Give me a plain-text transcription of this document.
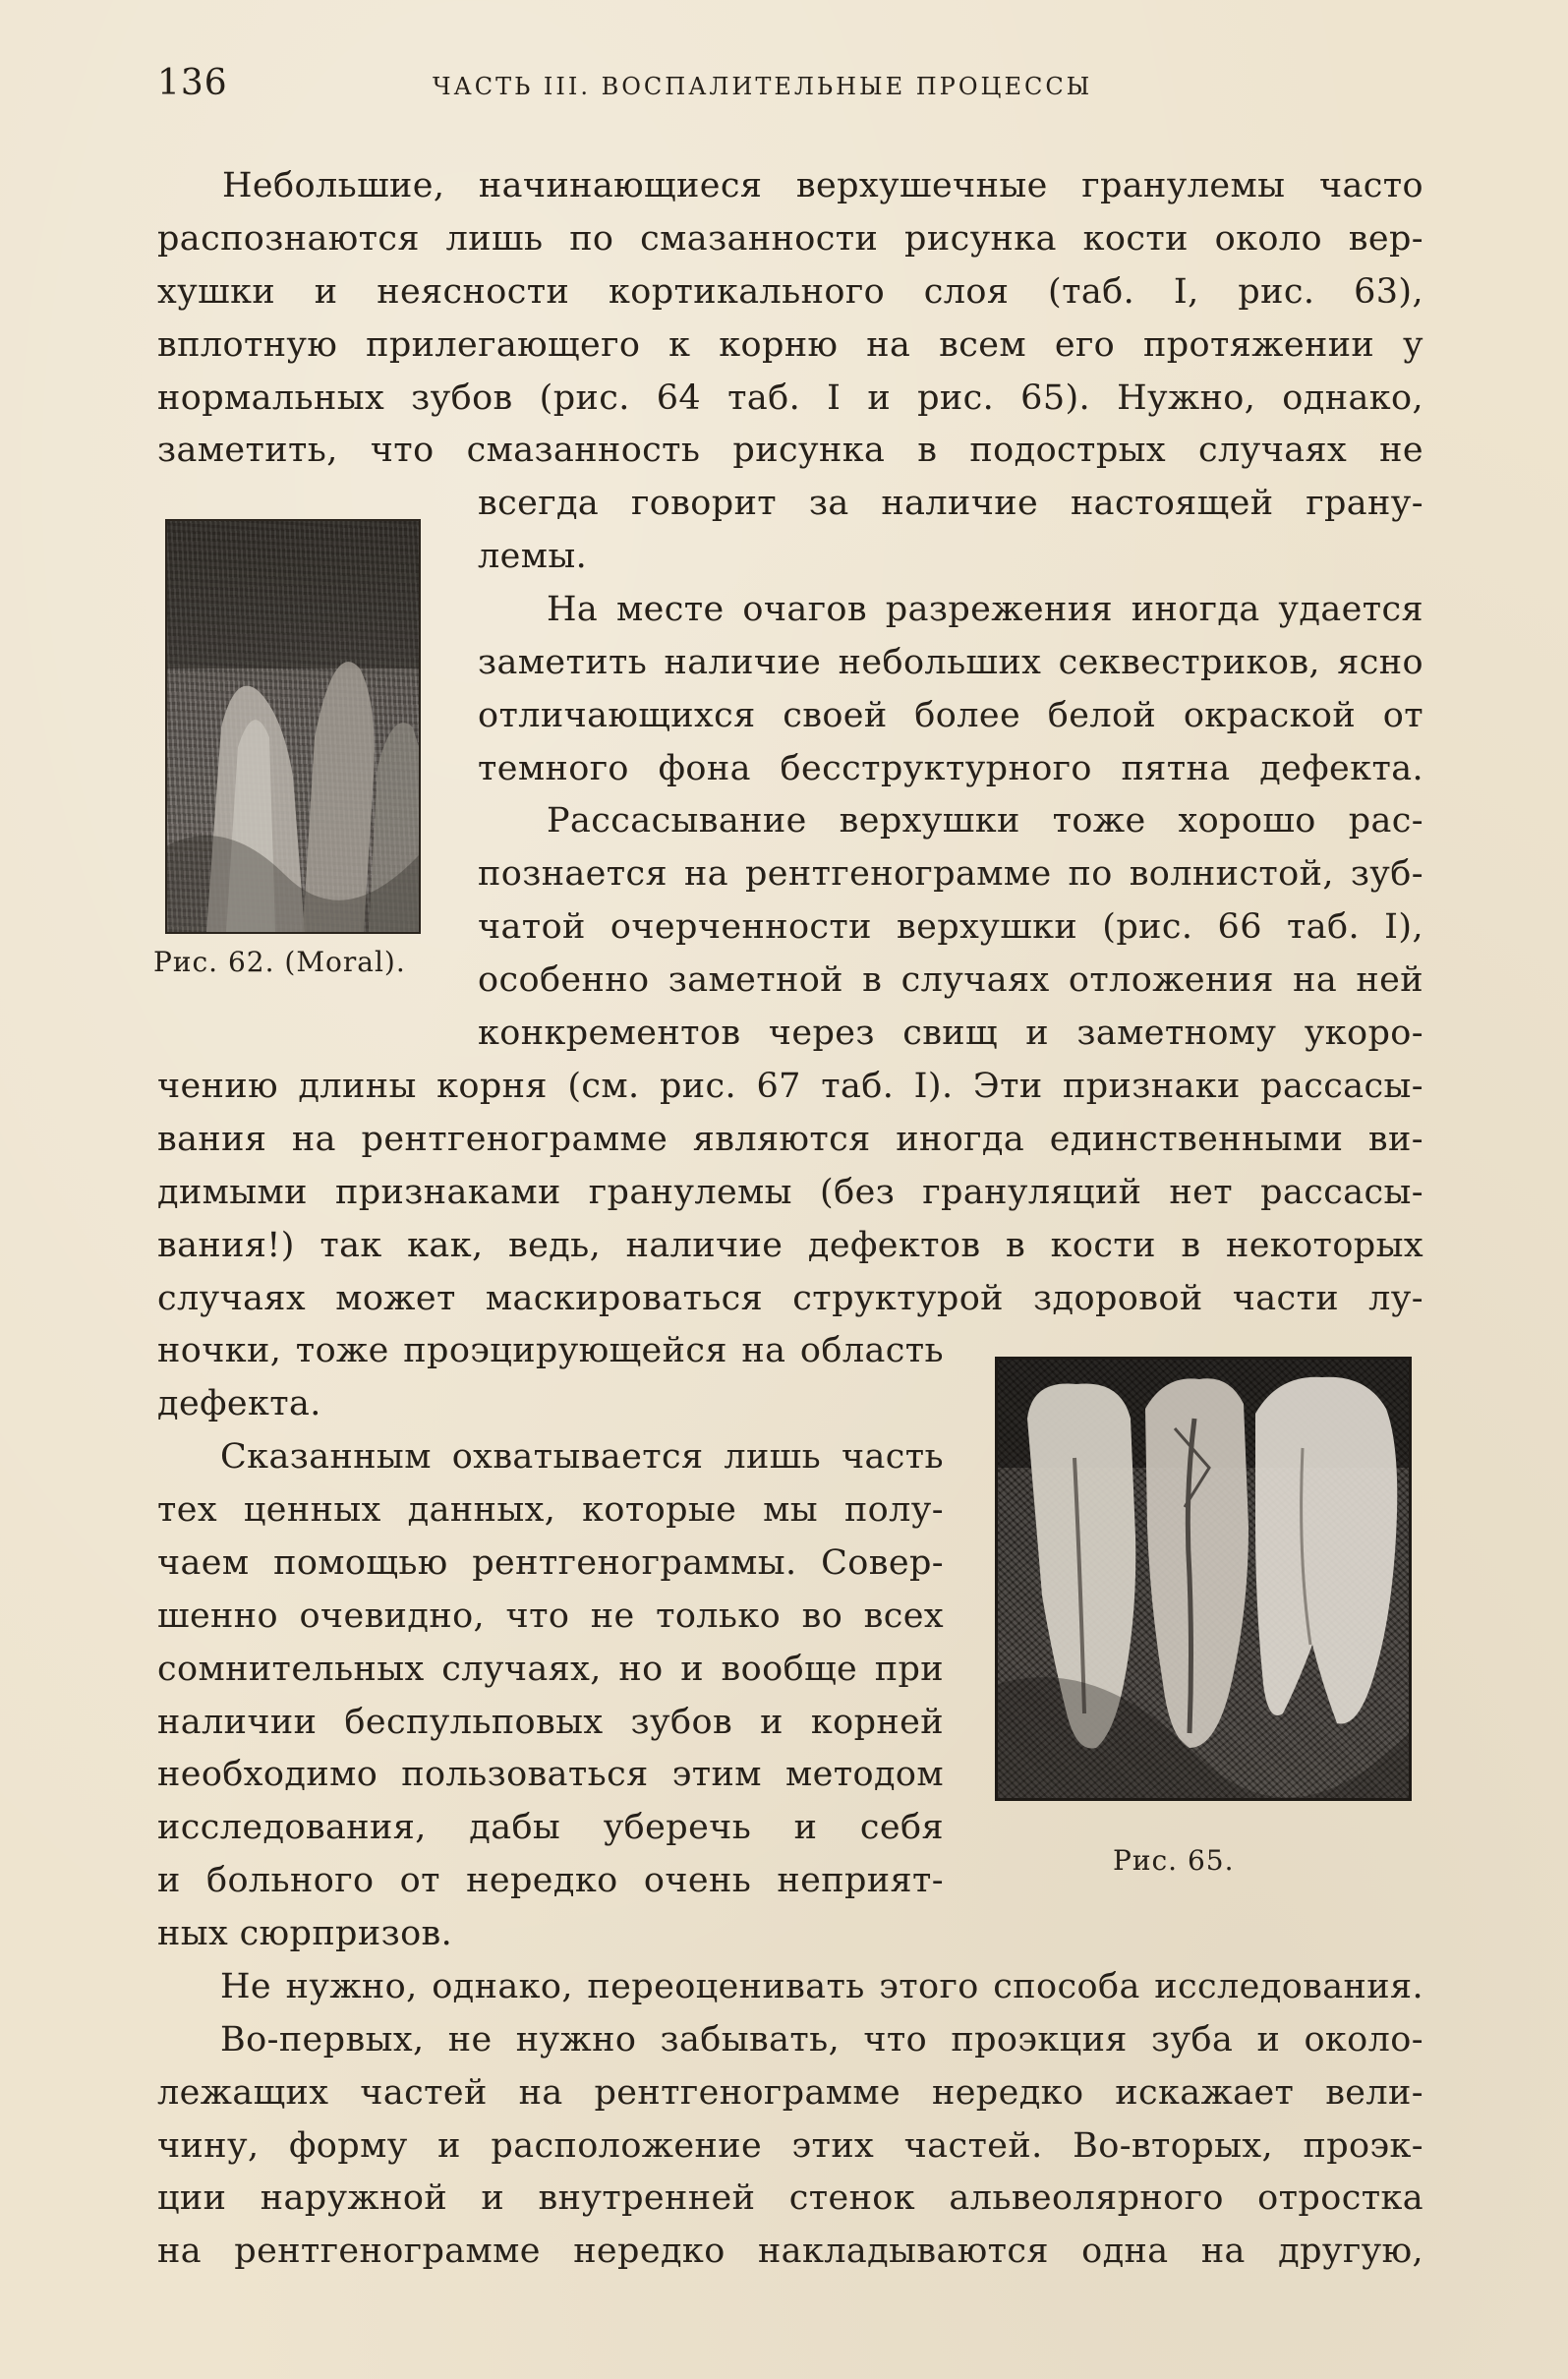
136	ЧАСТЬ III. ВОСПАЛИТЕЛЬНЫЕ ПРОЦЕССЫ
Небольшие, начинающиеся верхушечные гранулемы часто
распознаются лишь по смазанности рисунка кости около вер-
хушки и неясности кортикального слоя (таб. I, рис. 63),
вплотную прилегающего к корню на всем его протяжении у
нормальных зубов (рис. 64 таб. I и рис. 65). Нужно, однако,
заметить, что смазанность рисунка в подострых случаях не
Рис. 62. (Moral).
всегда говорит за наличие настоящей грану-
лемы.
На месте очагов разрежения иногда удается
заметить наличие небольших секвестриков, ясно
отличающихся своей более белой окраской от
темного фона бесструктурного пятна дефекта.
Рассасывание верхушки тоже хорошо рас-
познается на рентгенограмме по волнистой, зуб-
чатой очерченности верхушки (рис. 66 таб. I),
особенно заметной в случаях отложения на ней
конкрементов через свищ и заметному укоро-
чению длины корня (см. рис. 67 таб. I). Эти признаки рассасы-
вания на рентгенограмме являются иногда единственными ви-
димыми признаками гранулемы (без грануляций нет рассасы-
вания!) так как, ведь, наличие дефектов в кости в некоторых
случаях может маскироваться структурой здоровой части лу-
ночки, тоже проэцирующейся на область
дефекта.
Сказанным охватывается лишь часть
тех ценных данных, которые мы полу-
чаем помощью рентгенограммы. Совер-
шенно очевидно, что не только во всех
сомнительных случаях, но и вообще при
наличии беспульповых зубов и корней
необходимо пользоваться этим методом
исследования, дабы уберечь и себя
и больного от нередко очень неприят-
ных сюрпризов.
Рис. 65.
Не нужно, однако, переоценивать этого способа исследования.
Во-первых, не нужно забывать, что проэкция зуба и около-
лежащих частей на рентгенограмме нередко искажает вели-
чину, форму и расположение этих частей. Во-вторых, проэк-
ции наружной и внутренней стенок альвеолярного отростка
на рентгенограмме нередко накладываются одна на другую,
